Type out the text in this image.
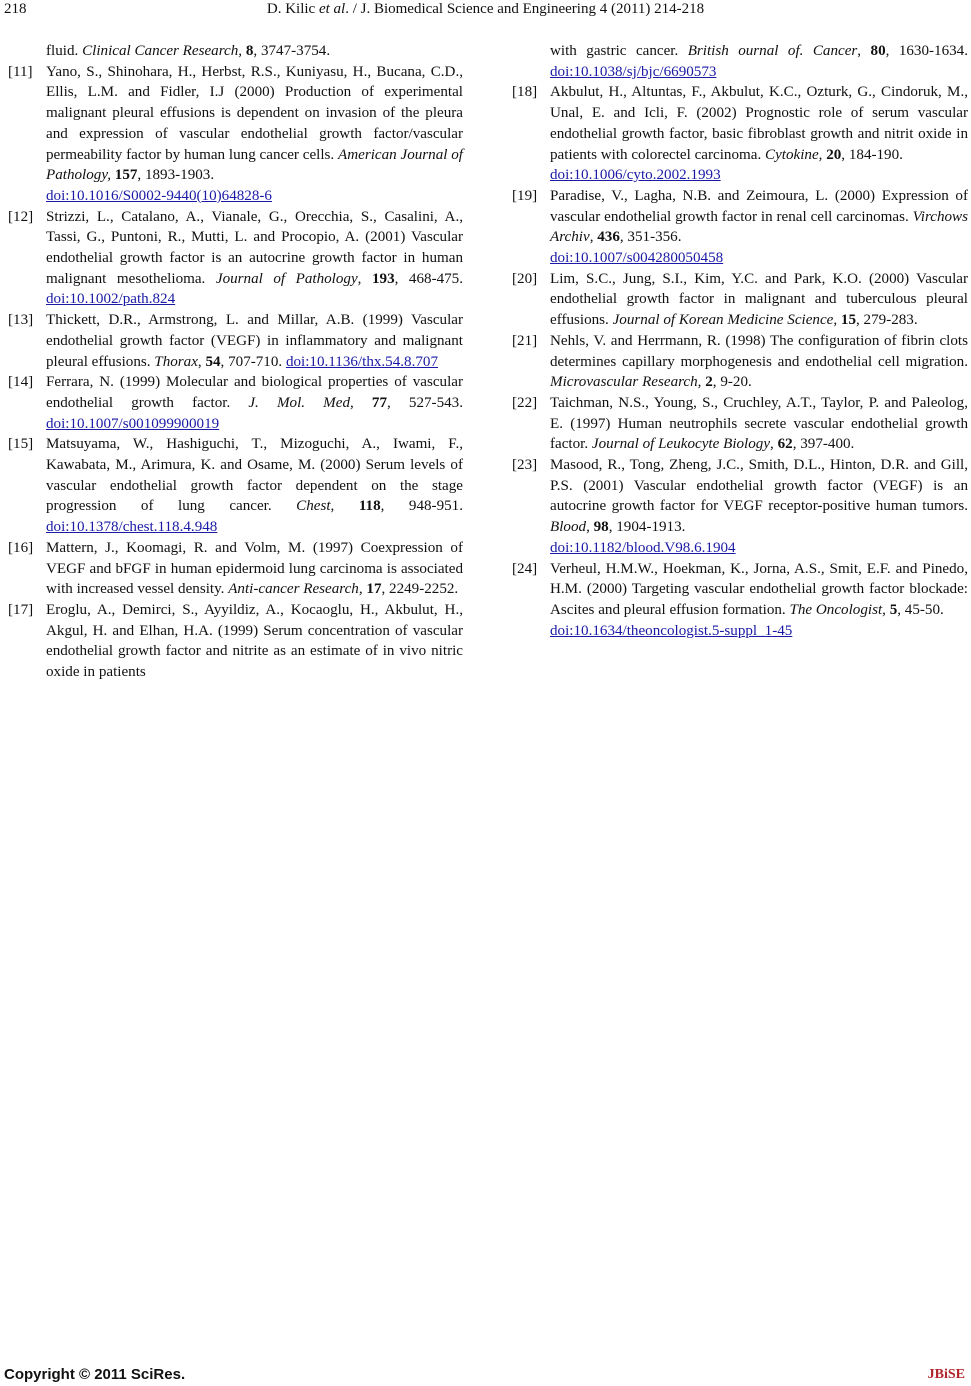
218	D. Kilic et al. / J. Biomedical Science and Engineering 4 (2011) 214-218
fluid. Clinical Cancer Research, 8, 3747-3754.
[11] Yano, S., Shinohara, H., Herbst, R.S., Kuniyasu, H., Bucana, C.D., Ellis, L.M. and Fidler, I.J (2000) Production of experimental malignant pleural effusions is dependent on invasion of the pleura and expression of vascular endothelial growth factor/vascular permeability factor by human lung cancer cells. American Journal of Pathology, 157, 1893-1903.
doi:10.1016/S0002-9440(10)64828-6
[12] Strizzi, L., Catalano, A., Vianale, G., Orecchia, S., Casalini, A., Tassi, G., Puntoni, R., Mutti, L. and Procopio, A. (2001) Vascular endothelial growth factor is an autocrine growth factor in human malignant mesothelioma. Journal of Pathology, 193, 468-475. doi:10.1002/path.824
[13] Thickett, D.R., Armstrong, L. and Millar, A.B. (1999) Vascular endothelial growth factor (VEGF) in inflammatory and malignant pleural effusions. Thorax, 54, 707-710. doi:10.1136/thx.54.8.707
[14] Ferrara, N. (1999) Molecular and biological properties of vascular endothelial growth factor. J. Mol. Med, 77, 527-543. doi:10.1007/s001099900019
[15] Matsuyama, W., Hashiguchi, T., Mizoguchi, A., Iwami, F., Kawabata, M., Arimura, K. and Osame, M. (2000) Serum levels of vascular endothelial growth factor dependent on the stage progression of lung cancer. Chest, 118, 948-951. doi:10.1378/chest.118.4.948
[16] Mattern, J., Koomagi, R. and Volm, M. (1997) Coexpression of VEGF and bFGF in human epidermoid lung carcinoma is associated with increased vessel density. Anti-cancer Research, 17, 2249-2252.
[17] Eroglu, A., Demirci, S., Ayyildiz, A., Kocaoglu, H., Akbulut, H., Akgul, H. and Elhan, H.A. (1999) Serum concentration of vascular endothelial growth factor and nitrite as an estimate of in vivo nitric oxide in patients
with gastric cancer. British ournal of. Cancer, 80, 1630-1634. doi:10.1038/sj/bjc/6690573
[18] Akbulut, H., Altuntas, F., Akbulut, K.C., Ozturk, G., Cindoruk, M., Unal, E. and Icli, F. (2002) Prognostic role of serum vascular endothelial growth factor, basic fibroblast growth and nitrit oxide in patients with colorectel carcinoma. Cytokine, 20, 184-190.
doi:10.1006/cyto.2002.1993
[19] Paradise, V., Lagha, N.B. and Zeimoura, L. (2000) Expression of vascular endothelial growth factor in renal cell carcinomas. Virchows Archiv, 436, 351-356.
doi:10.1007/s004280050458
[20] Lim, S.C., Jung, S.I., Kim, Y.C. and Park, K.O. (2000) Vascular endothelial growth factor in malignant and tuberculous pleural effusions. Journal of Korean Medicine Science, 15, 279-283.
[21] Nehls, V. and Herrmann, R. (1998) The configuration of fibrin clots determines capillary morphogenesis and endothelial cell migration. Microvascular Research, 2, 9-20.
[22] Taichman, N.S., Young, S., Cruchley, A.T., Taylor, P. and Paleolog, E. (1997) Human neutrophils secrete vascular endothelial growth factor. Journal of Leukocyte Biology, 62, 397-400.
[23] Masood, R., Tong, Zheng, J.C., Smith, D.L., Hinton, D.R. and Gill, P.S. (2001) Vascular endothelial growth factor (VEGF) is an autocrine growth factor for VEGF receptor-positive human tumors. Blood, 98, 1904-1913.
doi:10.1182/blood.V98.6.1904
[24] Verheul, H.M.W., Hoekman, K., Jorna, A.S., Smit, E.F. and Pinedo, H.M. (2000) Targeting vascular endothelial growth factor blockade: Ascites and pleural effusion formation. The Oncologist, 5, 45-50.
doi:10.1634/theoncologist.5-suppl_1-45
Copyright © 2011 SciRes.	JBiSE
